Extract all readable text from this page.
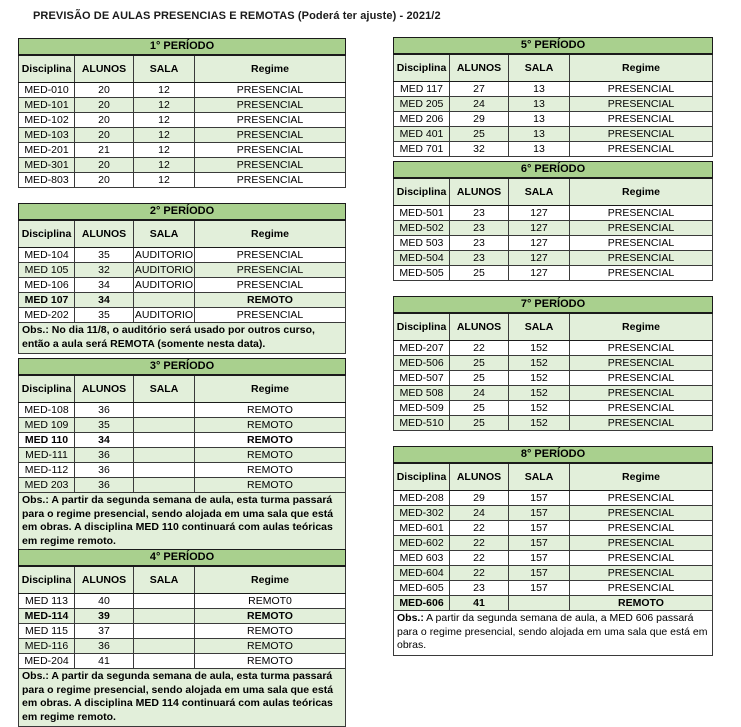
PREVISÃO DE AULAS PRESENCIAS E REMOTAS (Poderá ter ajuste) - 2021/2
1° PERÍODO			
Disciplina	ALUNOS	SALA	Regime
MED-010	20	12	PRESENCIAL
MED-101	20	12	PRESENCIAL
MED-102	20	12	PRESENCIAL
MED-103	20	12	PRESENCIAL
MED-201	21	12	PRESENCIAL
MED-301	20	12	PRESENCIAL
MED-803	20	12	PRESENCIAL
2° PERÍODO			
Disciplina	ALUNOS	SALA	Regime
MED-104	35	AUDITORIO	PRESENCIAL
MED 105	32	AUDITORIO	PRESENCIAL
MED-106	34	AUDITORIO	PRESENCIAL
MED 107	34		REMOTO
MED-202	35	AUDITORIO	PRESENCIAL
Obs.: No dia 11/8, o auditório será usado por outros curso, então a aula será REMOTA (somente nesta data).			
3° PERÍODO			
Disciplina	ALUNOS	SALA	Regime
MED-108	36		REMOTO
MED 109	35		REMOTO
MED 110	34		REMOTO
MED-111	36		REMOTO
MED-112	36		REMOTO
MED 203	36		REMOTO
Obs.: A partir da segunda semana de aula, esta turma passará para o regime presencial, sendo alojada em uma sala que está em obras. A disciplina MED 110 continuará com aulas teóricas em regime remoto.			
4° PERÍODO			
Disciplina	ALUNOS	SALA	Regime
MED 113	40		REMOT0
MED-114	39		REMOTO
MED 115	37		REMOTO
MED-116	36		REMOTO
MED-204	41		REMOTO
Obs.: A partir da segunda semana de aula, esta turma passará para o regime presencial, sendo alojada em uma sala que está em obras. A disciplina MED 114 continuará com aulas teóricas em regime remoto.			
5° PERÍODO			
Disciplina	ALUNOS	SALA	Regime
MED 117	27	13	PRESENCIAL
MED 205	24	13	PRESENCIAL
MED 206	29	13	PRESENCIAL
MED 401	25	13	PRESENCIAL
MED 701	32	13	PRESENCIAL
6° PERÍODO			
Disciplina	ALUNOS	SALA	Regime
MED-501	23	127	PRESENCIAL
MED-502	23	127	PRESENCIAL
MED 503	23	127	PRESENCIAL
MED-504	23	127	PRESENCIAL
MED-505	25	127	PRESENCIAL
7° PERÍODO			
Disciplina	ALUNOS	SALA	Regime
MED-207	22	152	PRESENCIAL
MED-506	25	152	PRESENCIAL
MED-507	25	152	PRESENCIAL
MED 508	24	152	PRESENCIAL
MED-509	25	152	PRESENCIAL
MED-510	25	152	PRESENCIAL
8° PERÍODO			
Disciplina	ALUNOS	SALA	Regime
MED-208	29	157	PRESENCIAL
MED-302	24	157	PRESENCIAL
MED-601	22	157	PRESENCIAL
MED-602	22	157	PRESENCIAL
MED 603	22	157	PRESENCIAL
MED-604	22	157	PRESENCIAL
MED-605	23	157	PRESENCIAL
MED-606	41		REMOTO
Obs.: A partir da segunda semana de aula, a MED 606 passará para o regime presencial, sendo alojada em uma sala que está em obras.			
